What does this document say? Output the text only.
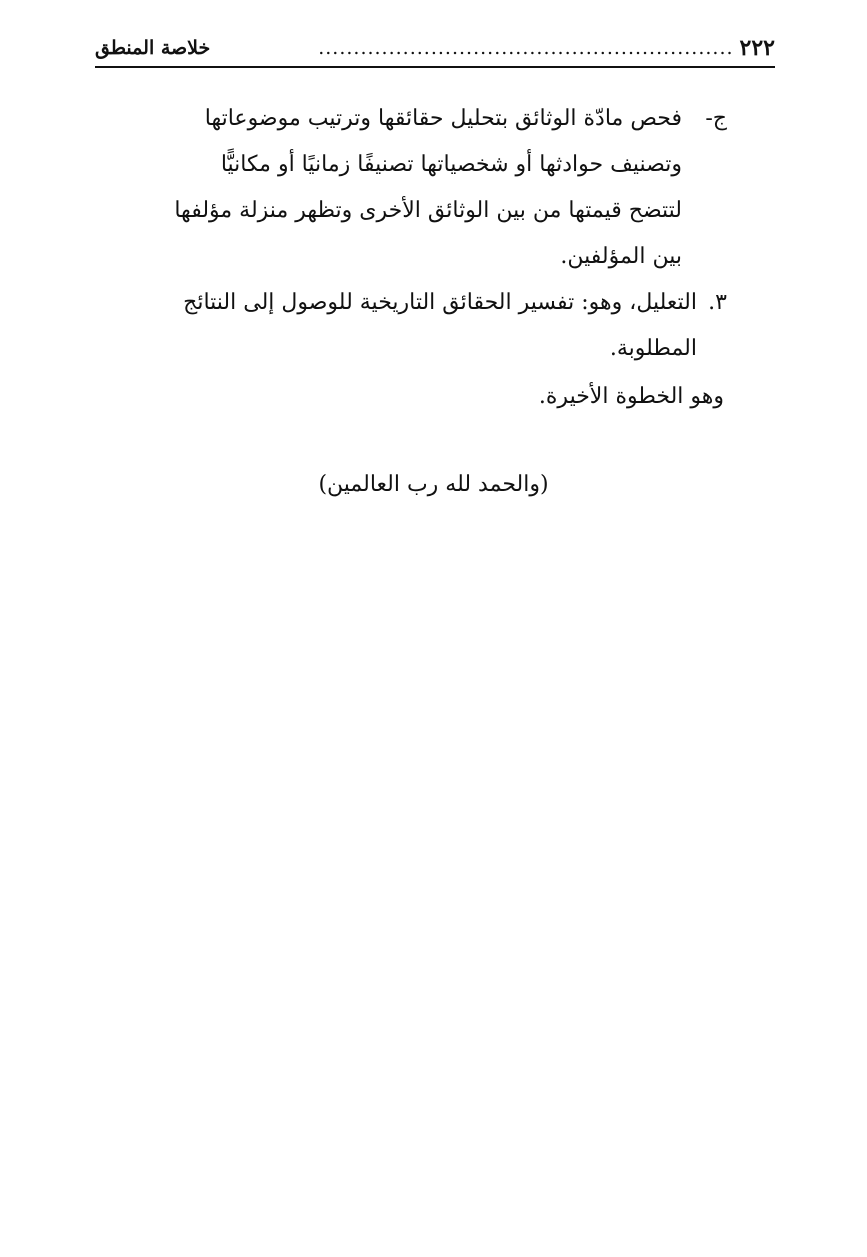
٢٢٢
...........................................................
خلاصة المنطق
ج-
فحص مادّة الوثائق بتحليل حقائقها وترتيب موضوعاتها
وتصنيف حوادثها أو شخصياتها تصنيفًا زمانيًا أو مكانيًّا
لتتضح قيمتها من بين الوثائق الأخرى وتظهر منزلة مؤلفها
بين المؤلفين.
٣.
التعليل، وهو: تفسير الحقائق التاريخية للوصول إلى النتائج
المطلوبة.
وهو الخطوة الأخيرة.
(والحمد لله رب العالمين)
